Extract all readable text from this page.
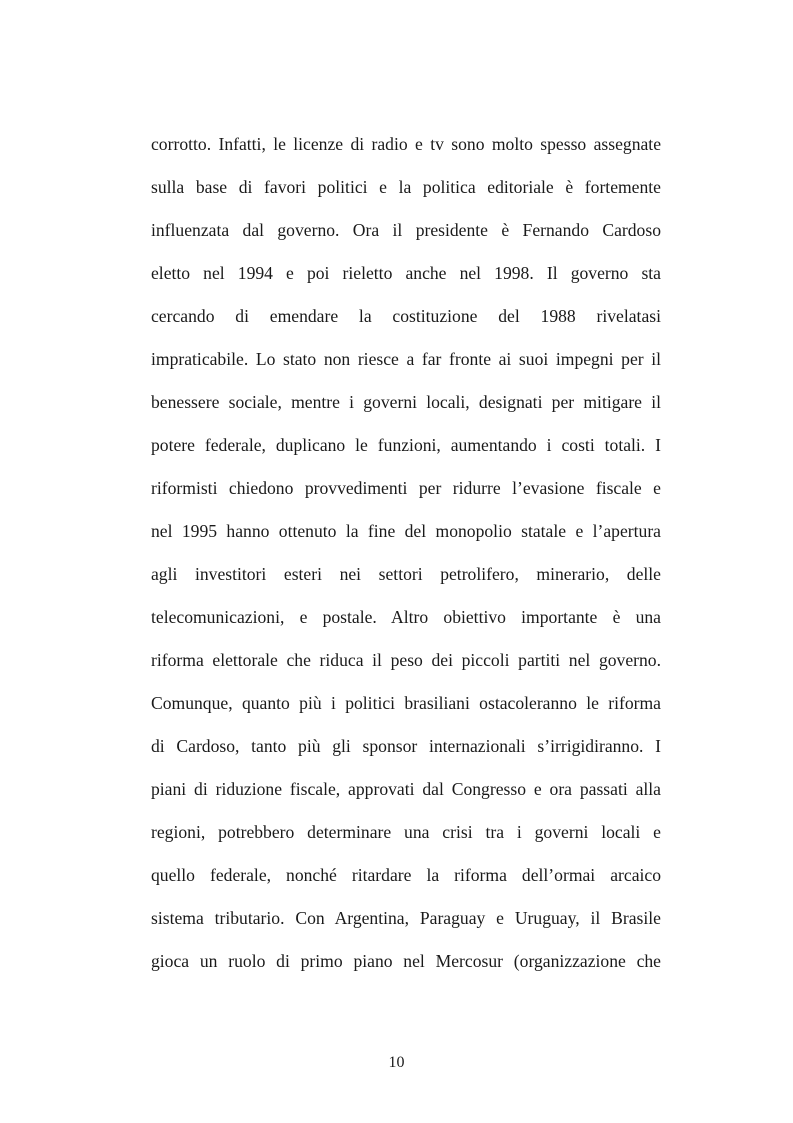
corrotto. Infatti, le licenze di radio e tv sono molto spesso assegnate
sulla base di favori politici e la politica editoriale è fortemente
influenzata dal governo. Ora il presidente è Fernando Cardoso
eletto nel 1994 e poi rieletto anche nel 1998. Il governo sta
cercando di emendare la costituzione del 1988 rivelatasi
impraticabile. Lo stato non riesce a far fronte ai suoi impegni per il
benessere sociale, mentre i governi locali, designati per mitigare il
potere federale, duplicano le funzioni, aumentando i costi totali. I
riformisti chiedono provvedimenti per ridurre l’evasione fiscale e
nel 1995 hanno ottenuto la fine del monopolio statale e l’apertura
agli investitori esteri nei settori petrolifero, minerario, delle
telecomunicazioni, e postale. Altro obiettivo importante è una
riforma elettorale che riduca il peso dei piccoli partiti nel governo.
Comunque, quanto più i politici brasiliani ostacoleranno le riforma
di Cardoso, tanto più gli sponsor internazionali s’irrigidiranno. I
piani di riduzione fiscale, approvati dal Congresso e ora passati alla
regioni, potrebbero determinare una crisi tra i governi locali e
quello federale, nonché ritardare la riforma dell’ormai arcaico
sistema tributario. Con Argentina, Paraguay e Uruguay, il Brasile
gioca un ruolo di primo piano nel Mercosur (organizzazione che
10
